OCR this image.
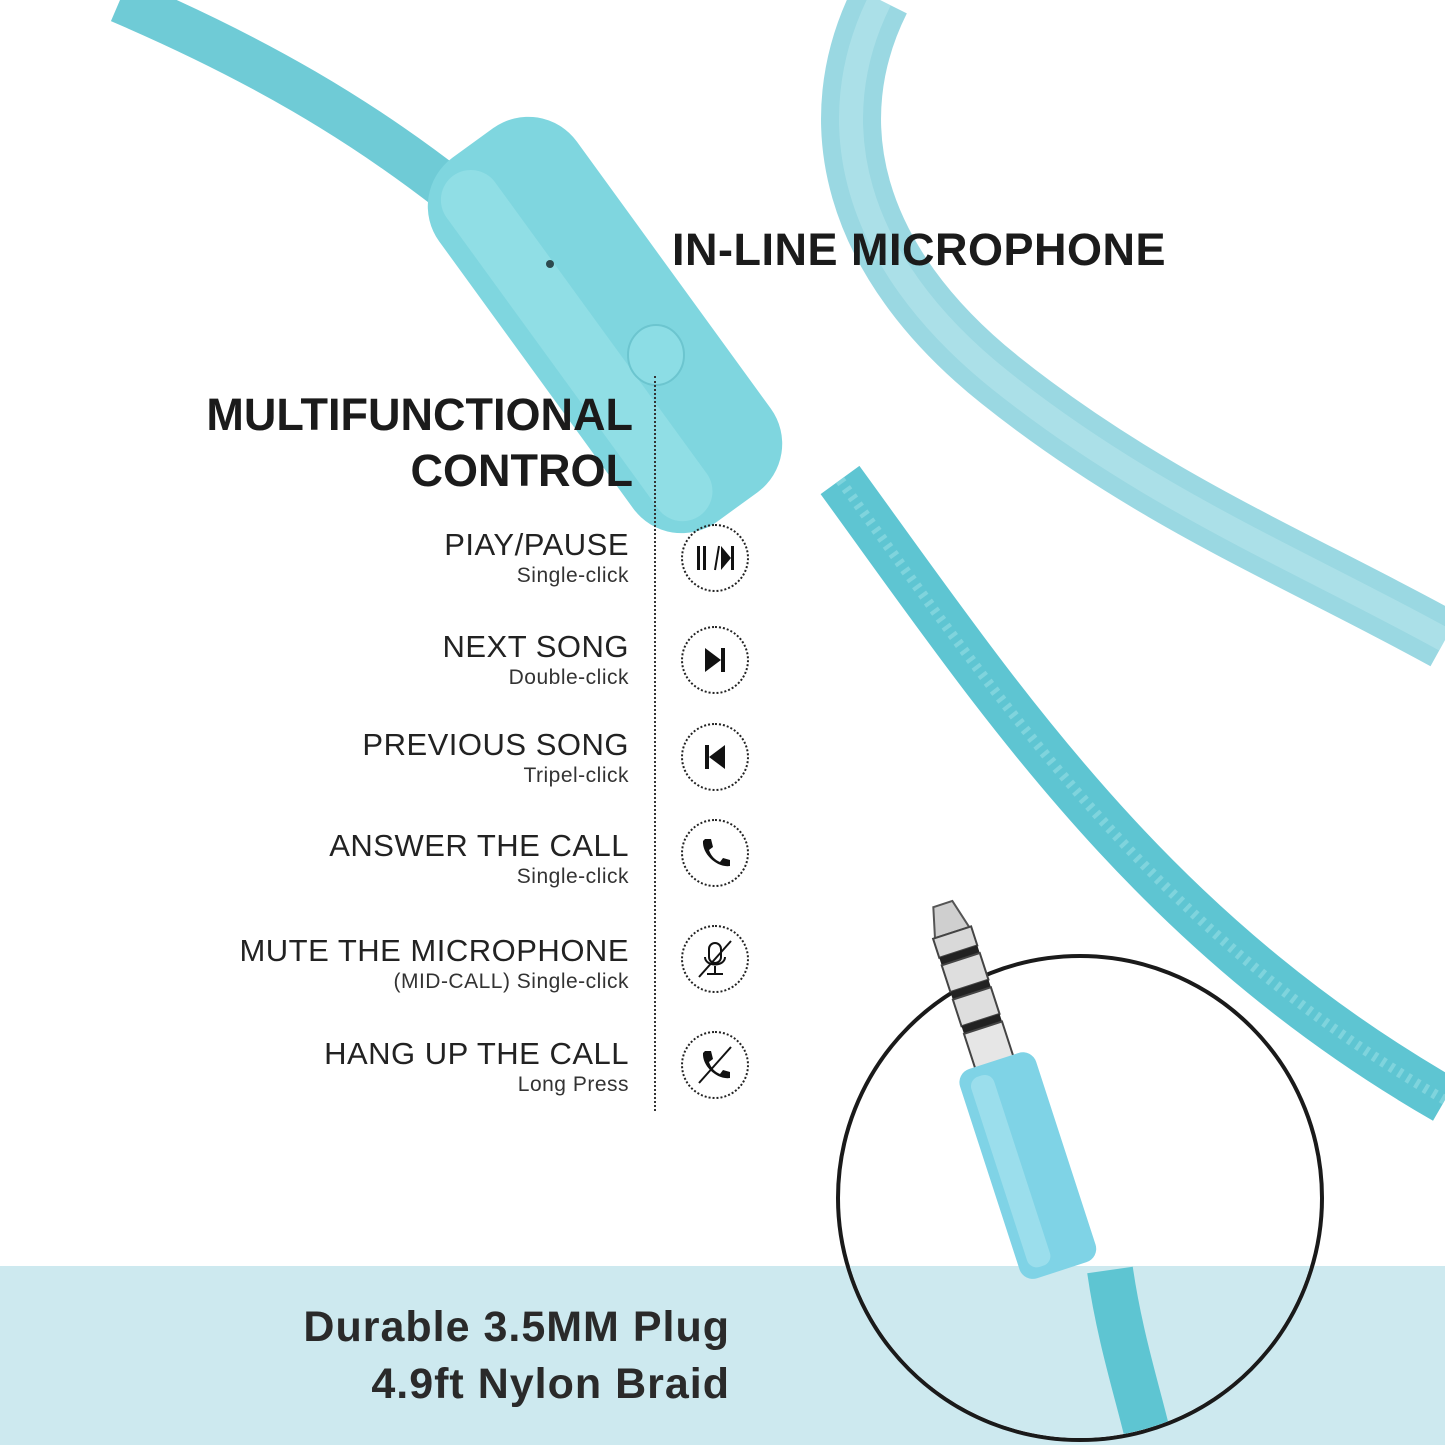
IN-LINE MICROPHONE
MULTIFUNCTIONAL
CONTROL
PIAY/PAUSE
Single-click
NEXT SONG
Double-click
PREVIOUS SONG
Tripel-click
ANSWER THE CALL
Single-click
MUTE THE MICROPHONE
(MID-CALL) Single-click
HANG UP THE CALL
Long Press
Durable 3.5MM Plug
4.9ft Nylon Braid
